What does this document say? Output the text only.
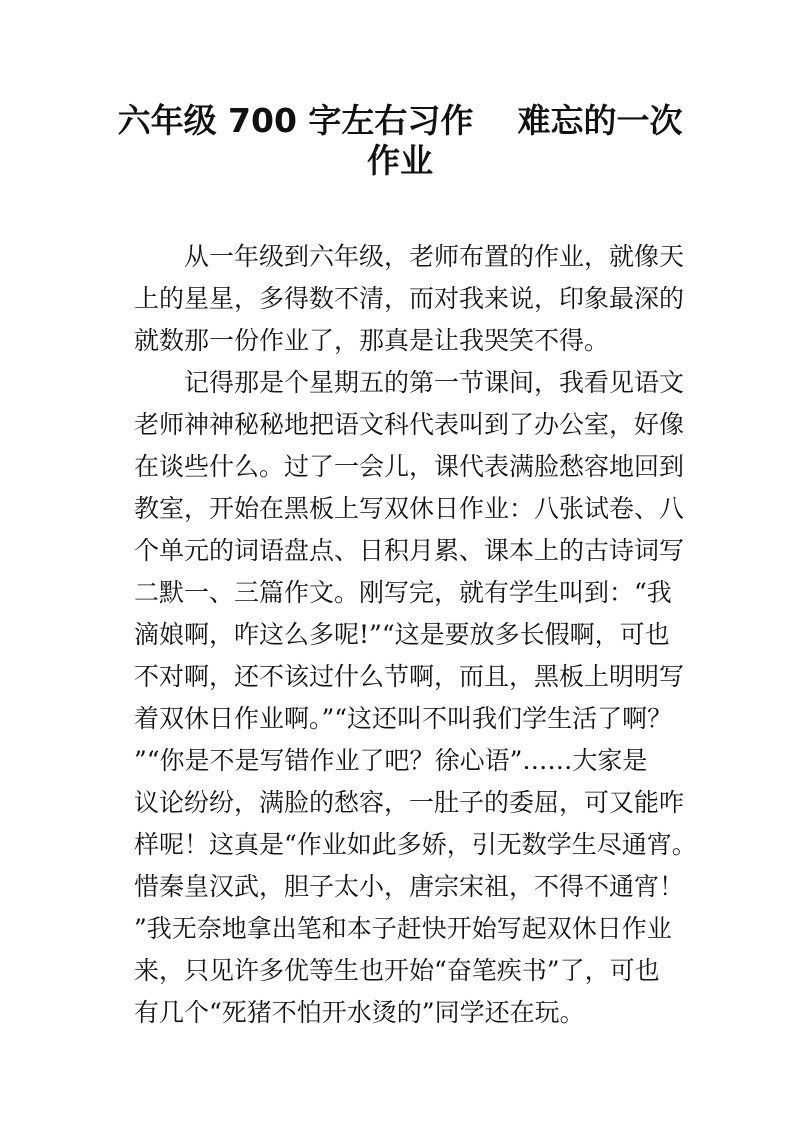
六年级 700 字左右习作 难忘的一次
作业
从一年级到六年级，老师布置的作业，就像天
上的星星，多得数不清，而对我来说，印象最深的
就数那一份作业了，那真是让我哭笑不得。
记得那是个星期五的第一节课间，我看见语文
老师神神秘秘地把语文科代表叫到了办公室，好像
在谈些什么。过了一会儿，课代表满脸愁容地回到
教室，开始在黑板上写双休日作业：八张试卷、八
个单元的词语盘点、日积月累、课本上的古诗词写
二默一、三篇作文。刚写完，就有学生叫到：“我
滴娘啊，咋这么多呢!”“这是要放多长假啊，可也
不对啊，还不该过什么节啊，而且，黑板上明明写
着双休日作业啊。”“这还叫不叫我们学生活了啊？
”“你是不是写错作业了吧？徐心语”……大家是
议论纷纷，满脸的愁容，一肚子的委屈，可又能咋
样呢！这真是“作业如此多娇，引无数学生尽通宵。
惜秦皇汉武，胆子太小，唐宗宋祖，不得不通宵！
”我无奈地拿出笔和本子赶快开始写起双休日作业
来，只见许多优等生也开始“奋笔疾书”了，可也
有几个“死猪不怕开水烫的”同学还在玩。
